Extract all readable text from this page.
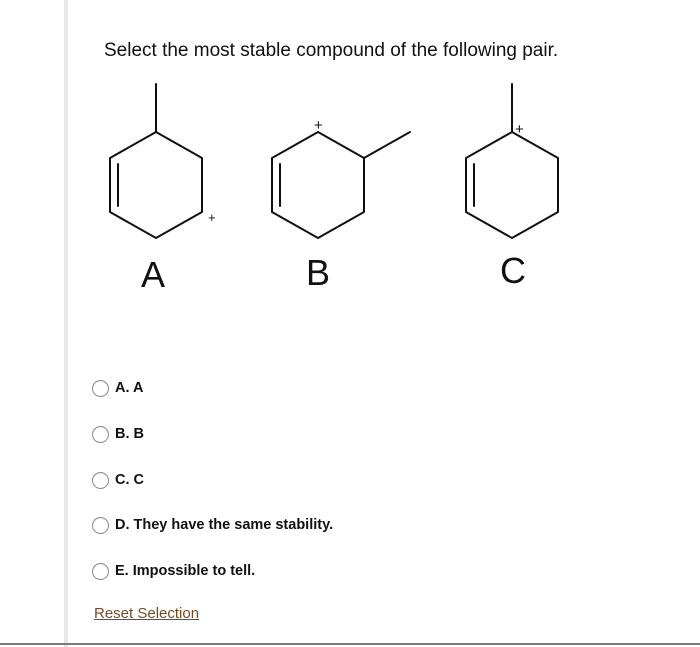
Select the most stable compound of the following pair.
+
+	+
A	B	C
A. A
B. B
C. C
D. They have the same stability.
E. Impossible to tell.
Reset Selection
